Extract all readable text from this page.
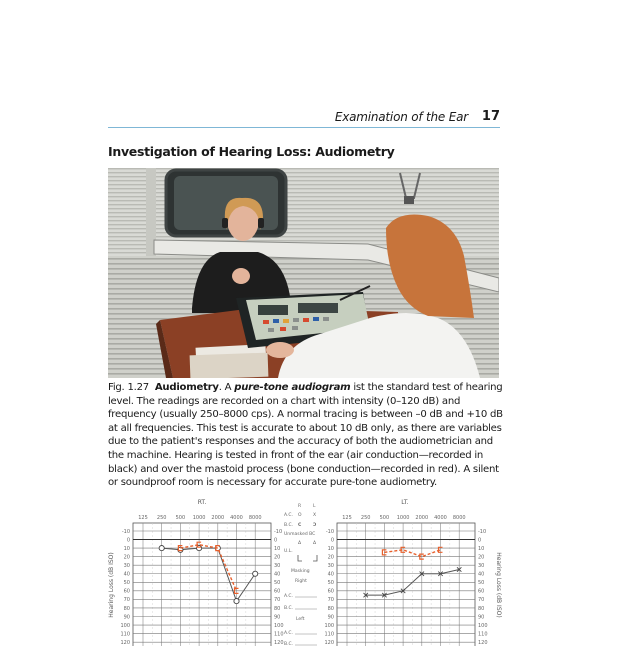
Examination of the Ear 17
Investigation of Hearing Loss: Audiometry
Fig. 1.27 Audiometry. A pure-tone audiogram ist the standard test of hearing level. The readings are recorded on a chart with intensity (0–120 dB) and frequency (usually 250–8000 cps). A normal tracing is between –0 dB and +10 dB at all frequencies. This test is accurate to about 10 dB only, as there are variables due to the patient's responses and the accuracy of both the audiometrician and the machine. Hearing is tested in front of the ear (air conduction—recorded in black) and over the mastoid process (bone conduction—recorded in red). A silent or soundproof room is necessary for accurate pure-tone audiometry.
R	L
A.C. O	X
B.C. C	Ɔ
Unmasked BC
Δ	Δ
U.L.
Masking
Right
A.C.
B.C.
Left
A.C.
B.C.
RT.
125 250 500 1000 2000 4000 8000
-10	-10
0	0
10	10
20	20
30	30
40	40
50	50
60	60
70	70
80	80
90	90
100	100
110	110
120	120
Hearing Loss (dB ISO)
LT.
125 250 500 1000 2000 4000 8000
-10	-10
0	0
10	10
20	20
30	30
40	40
50	50
60	60
70	70
80	80
90	90
100	100
110	110
120	120
Hearing Loss (dB ISO)
